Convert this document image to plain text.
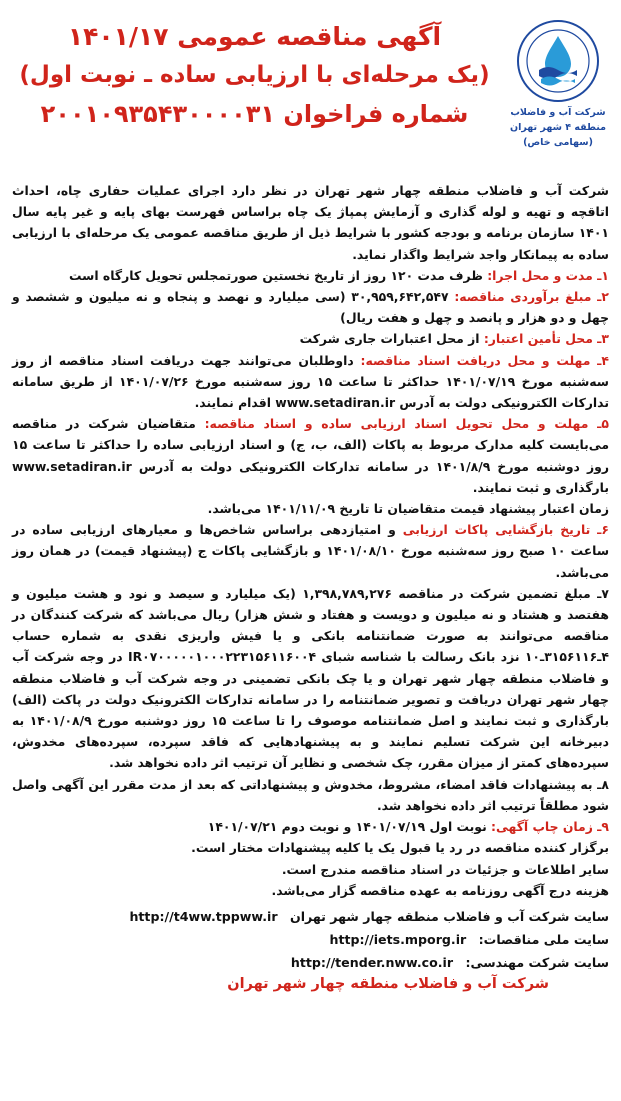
شرکت آب و فاضلاب
منطقه ۴ شهر تهران
(سهامی خاص)
آگهی مناقصه عمومی ۱۴۰۱/۱۷
(یک مرحله‌ای با ارزیابی ساده ـ نوبت اول)
شماره فراخوان ۲۰۰۱۰۹۳۵۴۳۰۰۰۰۳۱

شرکت آب و فاضلاب منطقه چهار شهر تهران در نظر دارد اجرای عملیات حفاری چاه، احداث اتاقچه و تهیه و لوله گذاری و آزمایش پمپاژ یک چاه براساس فهرست بهای پایه و غیر پایه سال ۱۴۰۱ سازمان برنامه و بودجه کشور با شرایط ذیل از طریق مناقصه عمومی یک مرحله‌ای با ارزیابی ساده به پیمانکار واجد شرایط واگذار نماید.

۱ـ مدت و محل اجرا: ظرف مدت ۱۲۰ روز از تاریخ نخستین صورتمجلس تحویل کارگاه است

۲ـ مبلغ برآوردی مناقصه: ۳۰,۹۵۹,۶۴۲,۵۴۷ (سی میلیارد و نهصد و پنجاه و نه میلیون و ششصد و چهل و دو هزار و پانصد و چهل و هفت ریال)

۳ـ محل تأمین اعتبار: از محل اعتبارات جاری شرکت

۴ـ مهلت و محل دریافت اسناد مناقصه: داوطلبان می‌توانند جهت دریافت اسناد مناقصه از روز سه‌شنبه مورخ ۱۴۰۱/۰۷/۱۹ حداکثر تا ساعت ۱۵ روز سه‌شنبه مورخ ۱۴۰۱/۰۷/۲۶ از طریق سامانه تدارکات الکترونیکی دولت به آدرس www.setadiran.ir اقدام نمایند.

۵ـ مهلت و محل تحویل اسناد ارزیابی ساده و اسناد مناقصه: متقاضیان شرکت در مناقصه می‌بایست کلیه مدارک مربوط به پاکات (الف، ب، ج) و اسناد ارزیابی ساده را حداکثر تا ساعت ۱۵ روز دوشنبه مورخ ۱۴۰۱/۸/۹ در سامانه تدارکات الکترونیکی دولت به آدرس www.setadiran.ir بارگذاری و ثبت نمایند.

زمان اعتبار پیشنهاد قیمت متقاضیان تا تاریخ ۱۴۰۱/۱۱/۰۹ می‌باشد.

۶ـ تاریخ بازگشایی پاکات ارزیابی و امتیازدهی براساس شاخص‌ها و معیارهای ارزیابی ساده در ساعت ۱۰ صبح روز سه‌شنبه مورخ ۱۴۰۱/۰۸/۱۰ و بازگشایی پاکات ج (پیشنهاد قیمت) در همان روز می‌باشد.

۷ـ مبلغ تضمین شرکت در مناقصه ۱,۳۹۸,۷۸۹,۲۷۶ (یک میلیارد و سیصد و نود و هشت میلیون و هفتصد و هشتاد و نه میلیون و دویست و هفتاد و شش هزار) ریال می‌باشد که شرکت کنندگان در مناقصه می‌توانند به صورت ضمانتنامه بانکی و یا فیش واریزی نقدی به شماره حساب ۴ـ۳۱۵۶۱۱۶ـ۱۰ نزد بانک رسالت با شناسه شبای IR۰۷۰۰۰۰۰۱۰۰۰۲۲۳۱۵۶۱۱۶۰۰۴ در وجه شرکت آب و فاضلاب منطقه چهار شهر تهران و یا چک بانکی تضمینی در وجه شرکت آب و فاضلاب منطقه چهار شهر تهران دریافت و تصویر ضمانتنامه را در سامانه تدارکات الکترونیک دولت در پاکت (الف) بارگذاری و ثبت نمایند و اصل ضمانتنامه موصوف را تا ساعت ۱۵ روز دوشنبه مورخ ۱۴۰۱/۰۸/۹ به دبیرخانه این شرکت تسلیم نمایند و به پیشنهادهایی که فاقد سپرده، سپرده‌های مخدوش، سپرده‌های کمتر از میزان مقرر، چک شخصی و نظایر آن ترتیب اثر داده نخواهد شد.

۸ـ به پیشنهادات فاقد امضاء، مشروط، مخدوش و پیشنهاداتی که بعد از مدت مقرر این آگهی واصل شود مطلقاً ترتیب اثر داده نخواهد شد.

۹ـ زمان چاپ آگهی: نوبت اول ۱۴۰۱/۰۷/۱۹ و نوبت دوم ۱۴۰۱/۰۷/۲۱

برگزار کننده مناقصه در رد یا قبول یک یا کلیه پیشنهادات مختار است.

سایر اطلاعات و جزئیات در اسناد مناقصه مندرج است.

هزینه درج آگهی روزنامه به عهده مناقصه گزار می‌باشد.

سایت شرکت آب و فاضلاب منطقه چهار شهر تهران http://t4ww.tppww.ir
سایت ملی مناقصات: http://iets.mporg.ir
سایت شرکت مهندسی: http://tender.nww.co.ir
شرکت آب و فاضلاب منطقه چهار شهر تهران
